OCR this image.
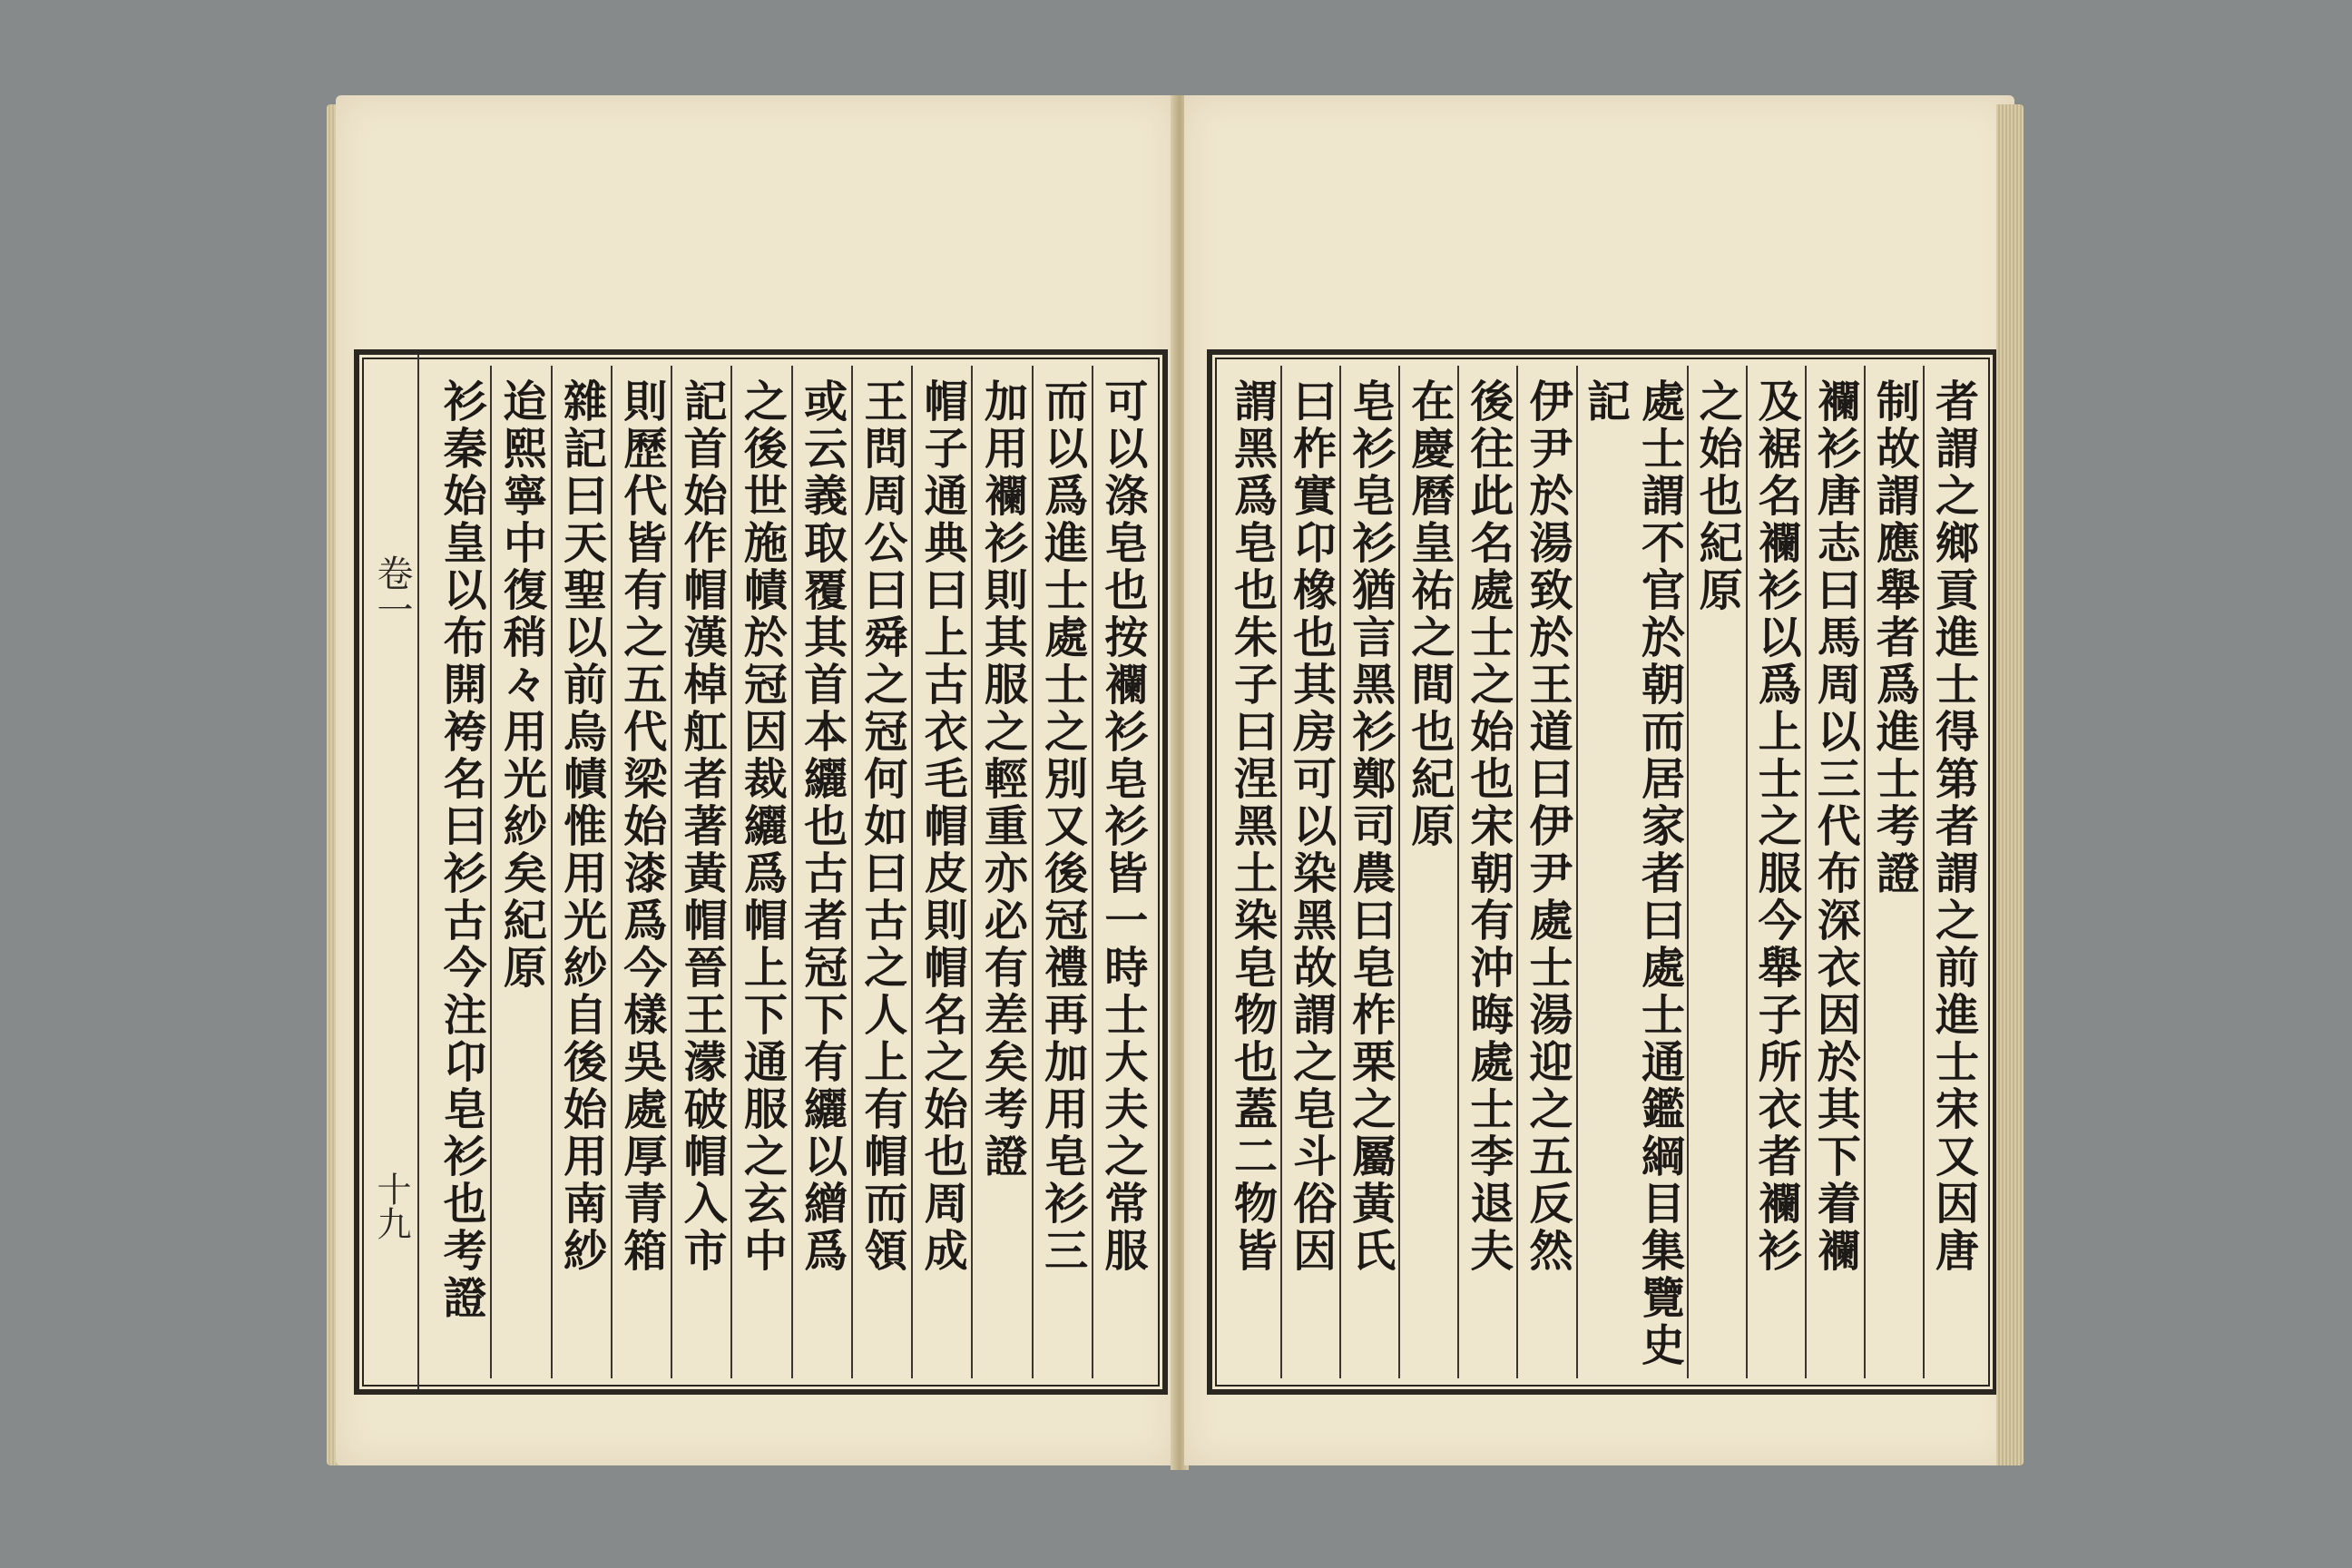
卷一
十九	可以涤皂也按襴衫皂衫皆一時士大夫之常服
而以爲進士處士之別又後冠禮再加用皂衫三
加用襴衫則其服之輕重亦必有差矣考證
帽子通典曰上古衣毛帽皮則帽名之始也周成
王問周公曰舜之冠何如曰古之人上有帽而領
或云義取覆其首本纚也古者冠下有纚以繒爲
之後世施幘於冠因裁纚爲帽上下通服之玄中
記首始作帽漢棹舡者著黃帽晉王濛破帽入市
則歷代皆有之五代梁始漆爲今樣吳處厚青箱
雜記曰天聖以前烏幘惟用光紗自後始用南紗
迨熙寧中復稍々用光紗矣紀原
衫秦始皇以布開袴名曰衫古今注卬皂衫也考證	者謂之鄉貢進士得第者謂之前進士宋又因唐
制故謂應舉者爲進士考證
襴衫唐志曰馬周以三代布深衣因於其下着襴
及裾名襴衫以爲上士之服今舉子所衣者襴衫
之始也紀原
處士謂不官於朝而居家者曰處士通鑑綱目集覽史記
伊尹於湯致於王道曰伊尹處士湯迎之五反然
後往此名處士之始也宋朝有沖晦處士李退夫
在慶曆皇祐之間也紀原
皂衫皂衫猶言黑衫鄭司農曰皂柞栗之屬黃氏
曰柞實卬橡也其房可以染黑故謂之皂斗俗因
謂黑爲皂也朱子曰涅黑土染皂物也蓋二物皆
